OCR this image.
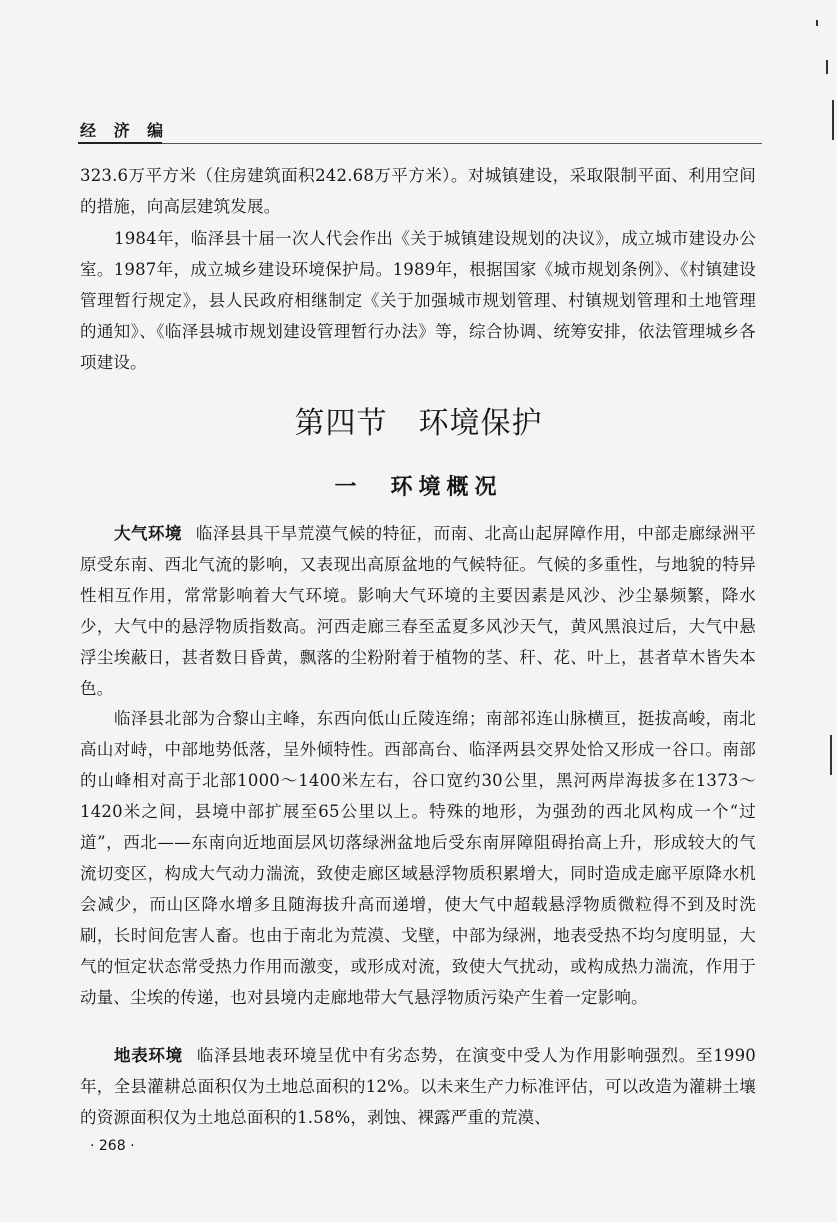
经 济 编
323.6万平方米（住房建筑面积242.68万平方米）。对城镇建设，采取限制平面、利用空间的措施，向高层建筑发展。
1984年，临泽县十届一次人代会作出《关于城镇建设规划的决议》，成立城市建设办公室。1987年，成立城乡建设环境保护局。1989年，根据国家《城市规划条例》、《村镇建设管理暂行规定》，县人民政府相继制定《关于加强城市规划管理、村镇规划管理和土地管理的通知》、《临泽县城市规划建设管理暂行办法》等，综合协调、统筹安排，依法管理城乡各项建设。
第四节　环境保护
一　环境概况
大气环境 临泽县具干旱荒漠气候的特征，而南、北高山起屏障作用，中部走廊绿洲平原受东南、西北气流的影响，又表现出高原盆地的气候特征。气候的多重性，与地貌的特异性相互作用，常常影响着大气环境。影响大气环境的主要因素是风沙、沙尘暴频繁，降水少，大气中的悬浮物质指数高。河西走廊三春至孟夏多风沙天气，黄风黑浪过后，大气中悬浮尘埃蔽日，甚者数日昏黄，飘落的尘粉附着于植物的茎、秆、花、叶上，甚者草木皆失本色。
临泽县北部为合黎山主峰，东西向低山丘陵连绵；南部祁连山脉横亘，挺拔高峻，南北高山对峙，中部地势低落，呈外倾特性。西部高台、临泽两县交界处恰又形成一谷口。南部的山峰相对高于北部1000～1400米左右，谷口宽约30公里，黑河两岸海拔多在1373～1420米之间，县境中部扩展至65公里以上。特殊的地形，为强劲的西北风构成一个“过道”，西北——东南向近地面层风切落绿洲盆地后受东南屏障阻碍抬高上升，形成较大的气流切变区，构成大气动力湍流，致使走廊区域悬浮物质积累增大，同时造成走廊平原降水机会减少，而山区降水增多且随海拔升高而递增，使大气中超载悬浮物质微粒得不到及时洗刷，长时间危害人畜。也由于南北为荒漠、戈壁，中部为绿洲，地表受热不均匀度明显，大气的恒定状态常受热力作用而激变，或形成对流，致使大气扰动，或构成热力湍流，作用于动量、尘埃的传递，也对县境内走廊地带大气悬浮物质污染产生着一定影响。
地表环境 临泽县地表环境呈优中有劣态势，在演变中受人为作用影响强烈。至1990年，全县灌耕总面积仅为土地总面积的12%。以未来生产力标准评估，可以改造为灌耕土壤的资源面积仅为土地总面积的1.58%，剥蚀、裸露严重的荒漠、
· 268 ·
